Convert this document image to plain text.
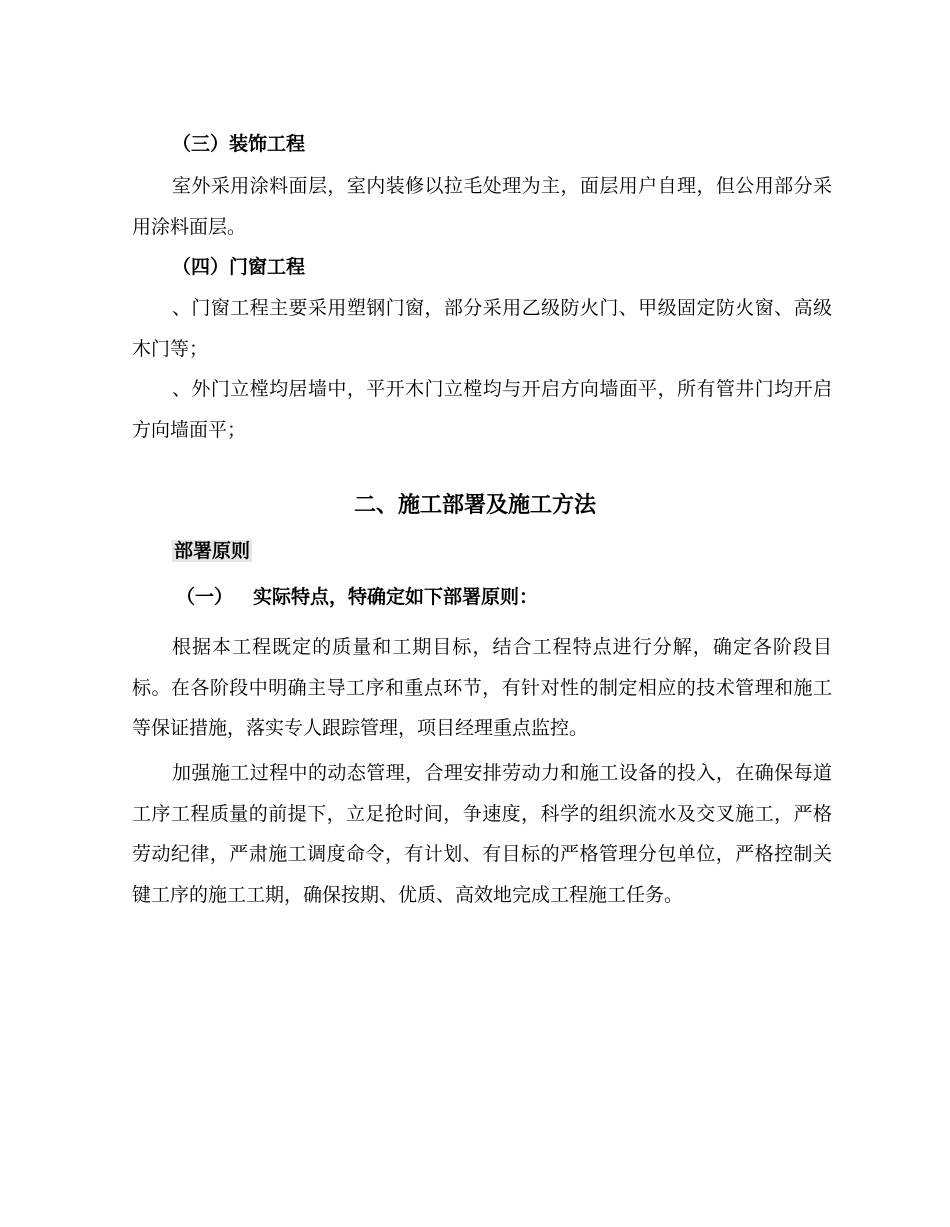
（三）装饰工程

室外采用涂料面层，室内装修以拉毛处理为主，面层用户自理，但公用部分采用涂料面层。

（四）门窗工程

、门窗工程主要采用塑钢门窗，部分采用乙级防火门、甲级固定防火窗、高级木门等；

、外门立樘均居墙中，平开木门立樘均与开启方向墙面平，所有管井门均开启方向墙面平；

二、施工部署及施工方法

部署原则

（一） 实际特点，特确定如下部署原则：

根据本工程既定的质量和工期目标，结合工程特点进行分解，确定各阶段目标。在各阶段中明确主导工序和重点环节，有针对性的制定相应的技术管理和施工等保证措施，落实专人跟踪管理，项目经理重点监控。

加强施工过程中的动态管理，合理安排劳动力和施工设备的投入，在确保每道工序工程质量的前提下，立足抢时间，争速度，科学的组织流水及交叉施工，严格劳动纪律，严肃施工调度命令，有计划、有目标的严格管理分包单位，严格控制关键工序的施工工期，确保按期、优质、高效地完成工程施工任务。
